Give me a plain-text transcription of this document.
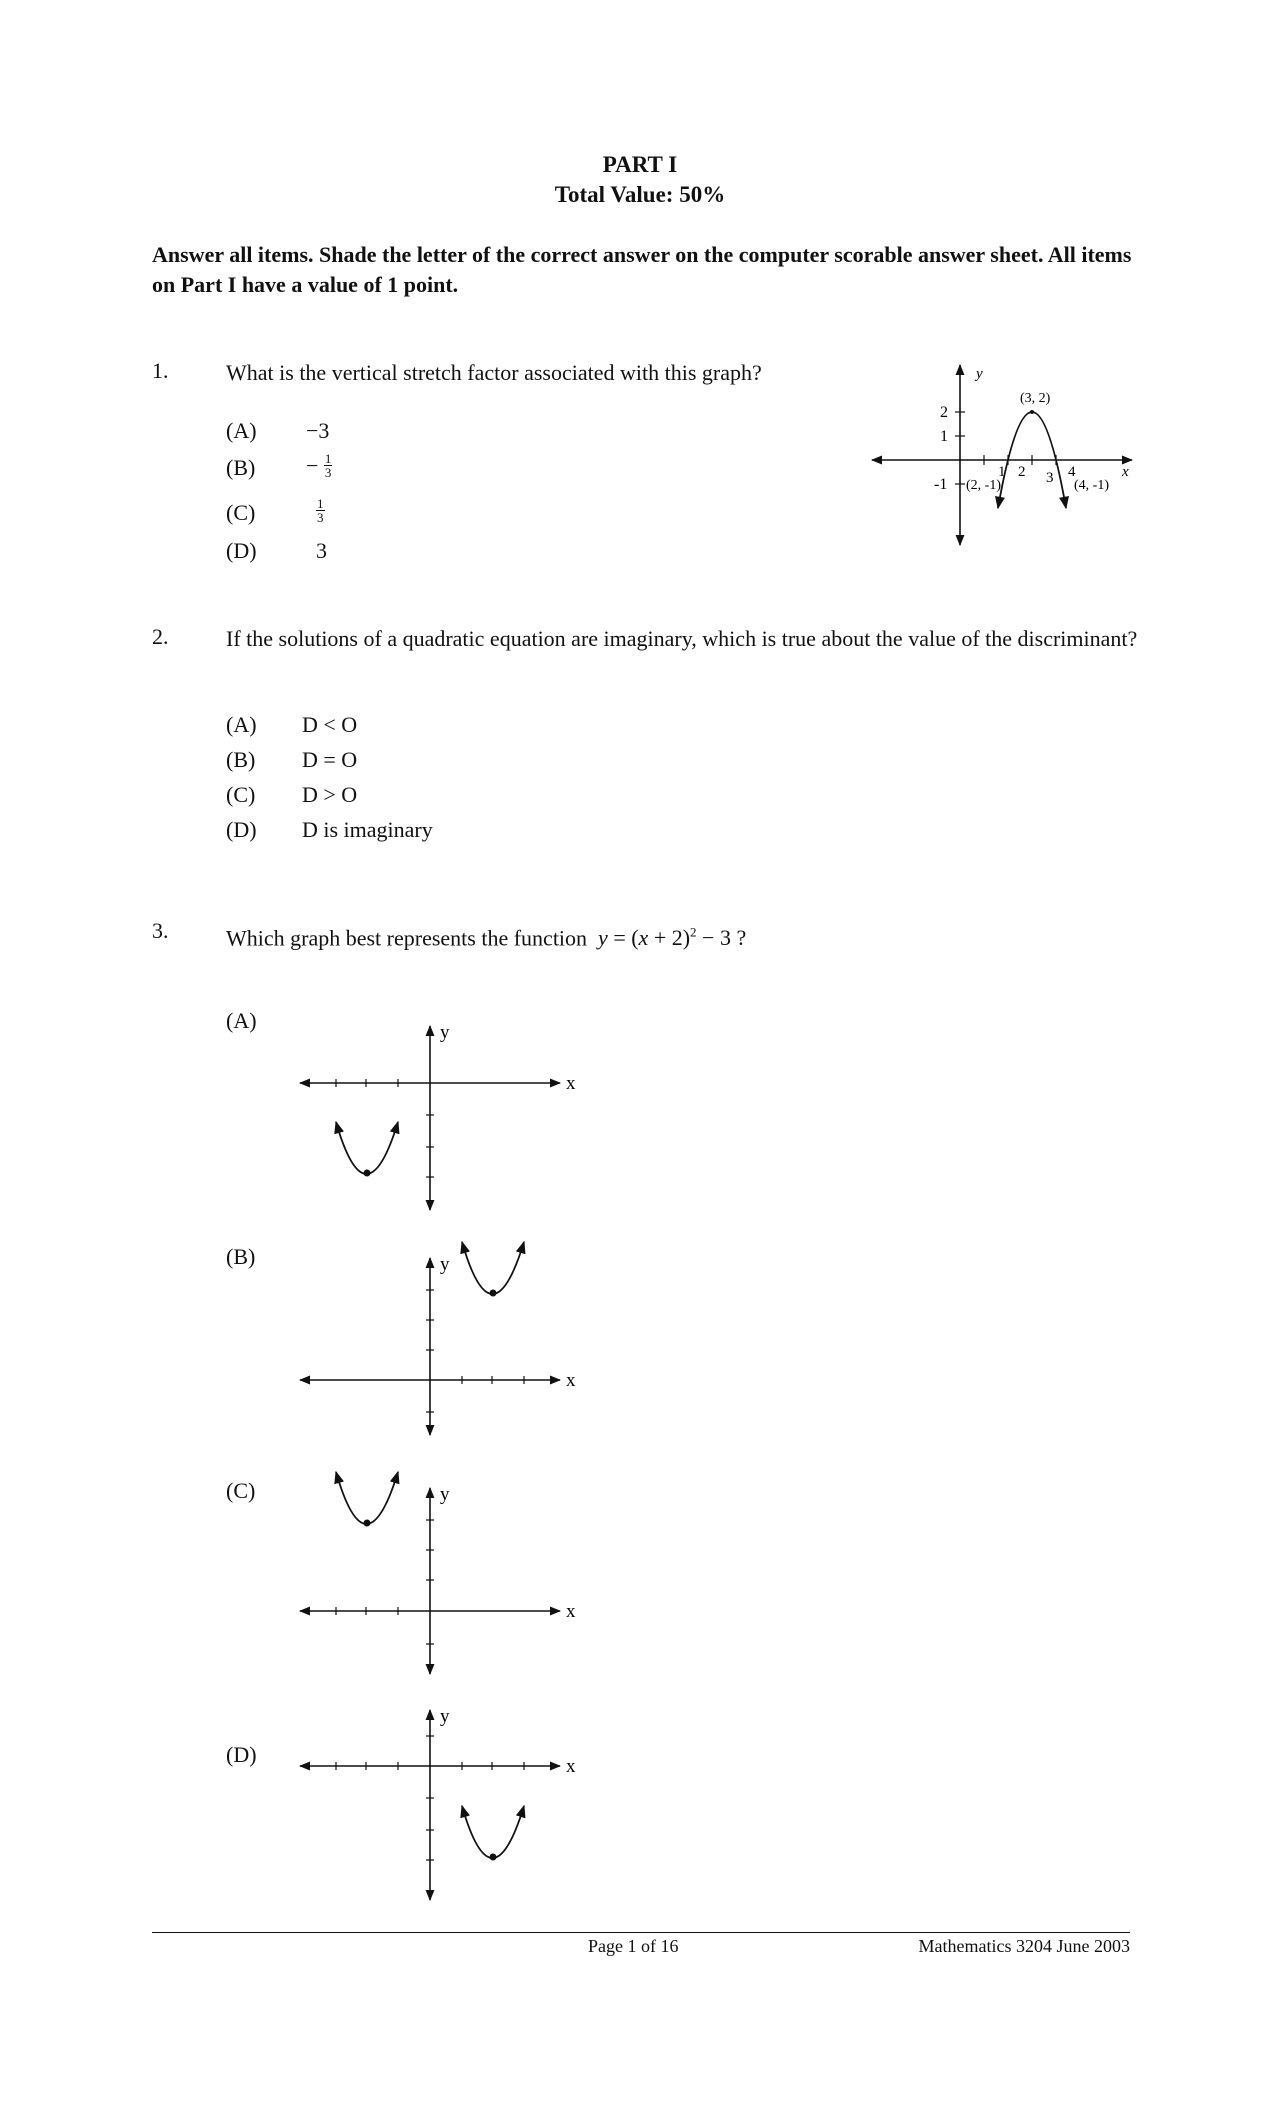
PART I
Total Value: 50%
Answer all items. Shade the letter of the correct answer on the computer scorable answer sheet. All items on Part I have a value of 1 point.
1.	What is the vertical stretch factor associated with this graph?
(A) −3
$(B) - \frac{1}{3}$
(C)	$\frac{1}{3}$
(D)	3
y
x
2
1
-1
1 2 3 4
(3, 2)
(2, -1)	(4, -1)
2.	If the solutions of a quadratic equation are imaginary, which is true about the value of the discriminant?
(A) D < O
(B) D = O
(C) D > O
(D) D is imaginary
3.	Which graph best represents the function $y = (x + 2)^2 - 3$ ?
(A)
(B)
(C)
(D)
y
x
y
x
y
x
y
x
Page 1 of 16	Mathematics 3204 June 2003
